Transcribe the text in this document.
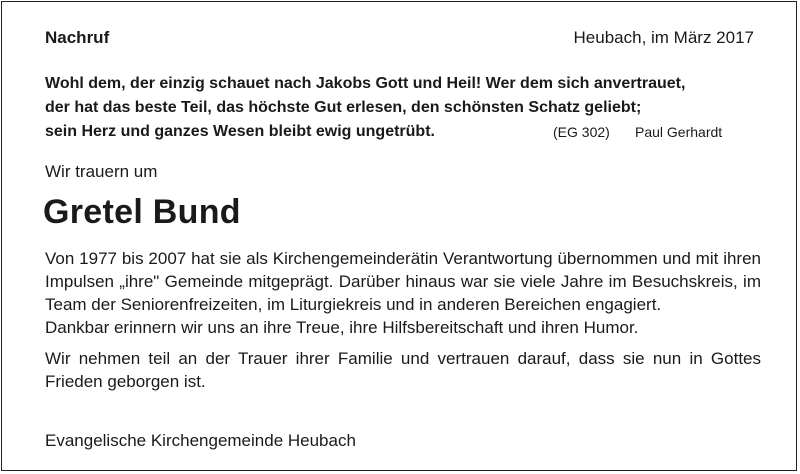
Nachruf	Heubach, im März 2017
Wohl dem, der einzig schauet nach Jakobs Gott und Heil! Wer dem sich anvertrauet,
der hat das beste Teil, das höchste Gut erlesen, den schönsten Schatz geliebt;
sein Herz und ganzes Wesen bleibt ewig ungetrübt.	(EG 302) Paul Gerhardt
Wir trauern um
Gretel Bund

Von 1977 bis 2007 hat sie als Kirchengemeinderätin Verantwortung übernommen und mit ihren Impulsen „ihre" Gemeinde mitgeprägt. Darüber hinaus war sie viele Jahre im Besuchskreis, im Team der Seniorenfreizeiten, im Liturgiekreis und in anderen Bereichen engagiert.

Dankbar erinnern wir uns an ihre Treue, ihre Hilfsbereitschaft und ihren Humor.

Wir nehmen teil an der Trauer ihrer Familie und vertrauen darauf, dass sie nun in Gottes Frieden geborgen ist.

Evangelische Kirchengemeinde Heubach
